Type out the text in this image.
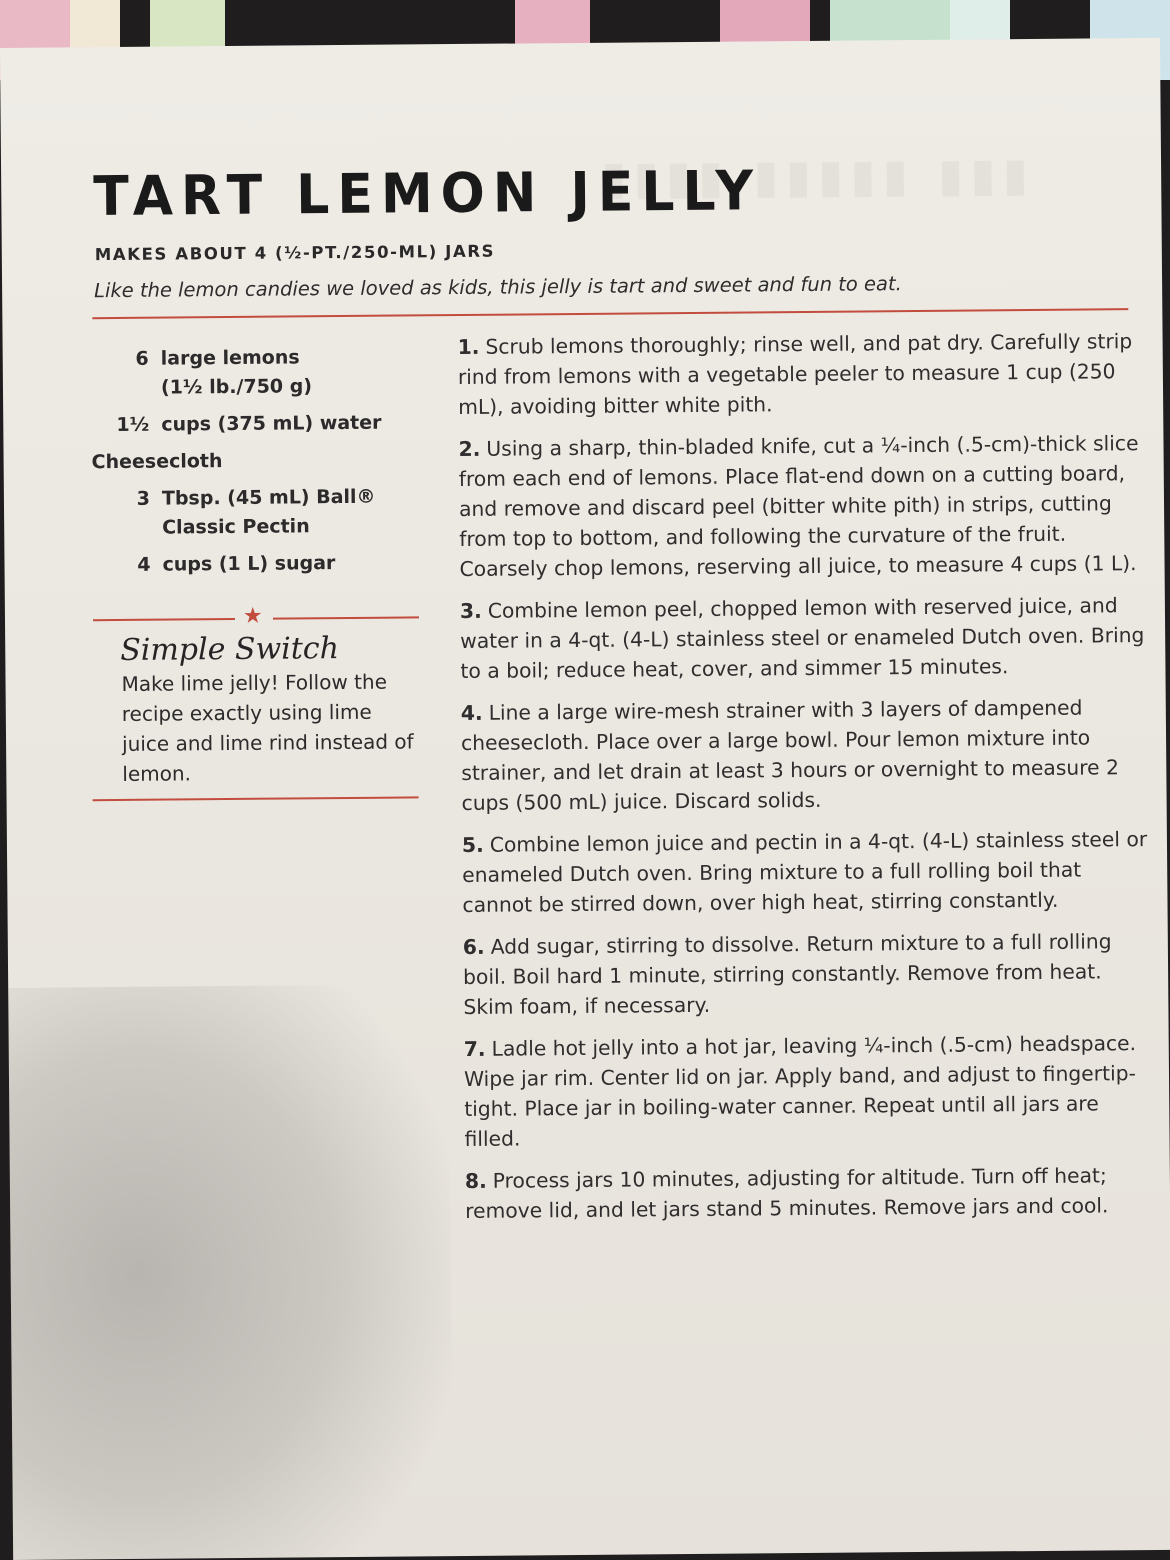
▮▮▮▮ ▮▮▮▮▮ ▮▮▮
TART LEMON JELLY
MAKES ABOUT 4 (½-PT./250-ML) JARS
Like the lemon candies we loved as kids, this jelly is tart and sweet and fun to eat.
6 large lemons (1½ lb./750 g)
1½ cups (375 mL) water
Cheesecloth
3 Tbsp. (45 mL) Ball® Classic Pectin
4 cups (1 L) sugar
★
Simple Switch
Make lime jelly! Follow the recipe exactly using lime juice and lime rind instead of lemon.
1. Scrub lemons thoroughly; rinse well, and pat dry. Carefully strip rind from lemons with a vegetable peeler to measure 1 cup (250 mL), avoiding bitter white pith.
2. Using a sharp, thin-bladed knife, cut a ¼-inch (.5-cm)-thick slice from each end of lemons. Place flat-end down on a cutting board, and remove and discard peel (bitter white pith) in strips, cutting from top to bottom, and following the curvature of the fruit. Coarsely chop lemons, reserving all juice, to measure 4 cups (1 L).
3. Combine lemon peel, chopped lemon with reserved juice, and water in a 4-qt. (4-L) stainless steel or enameled Dutch oven. Bring to a boil; reduce heat, cover, and simmer 15 minutes.
4. Line a large wire-mesh strainer with 3 layers of dampened cheesecloth. Place over a large bowl. Pour lemon mixture into strainer, and let drain at least 3 hours or overnight to measure 2 cups (500 mL) juice. Discard solids.
5. Combine lemon juice and pectin in a 4-qt. (4-L) stainless steel or enameled Dutch oven. Bring mixture to a full rolling boil that cannot be stirred down, over high heat, stirring constantly.
6. Add sugar, stirring to dissolve. Return mixture to a full rolling boil. Boil hard 1 minute, stirring constantly. Remove from heat. Skim foam, if necessary.
7. Ladle hot jelly into a hot jar, leaving ¼-inch (.5-cm) headspace. Wipe jar rim. Center lid on jar. Apply band, and adjust to fingertip-tight. Place jar in boiling-water canner. Repeat until all jars are filled.
8. Process jars 10 minutes, adjusting for altitude. Turn off heat; remove lid, and let jars stand 5 minutes. Remove jars and cool.
